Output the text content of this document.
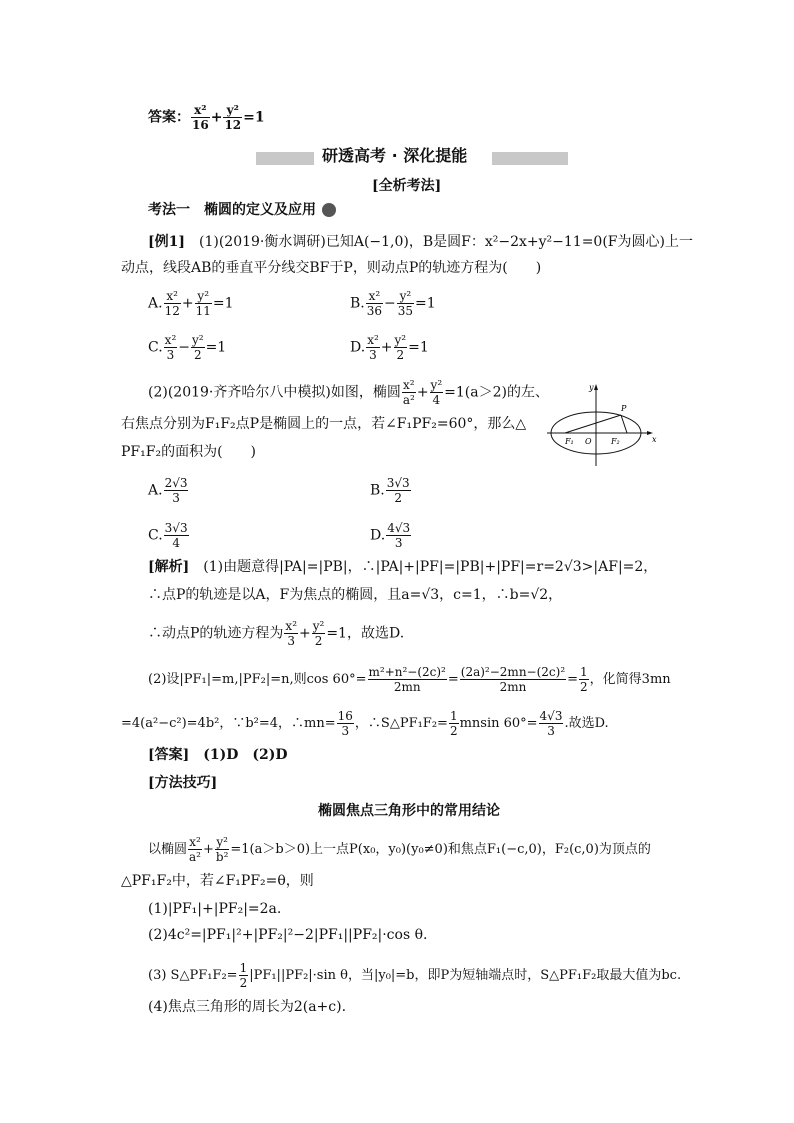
答案： $\frac{\text{x²}}{16} + \frac{\text{y²}}{12} =1$
研透高考 · 深化提能
[全析考法]
考法一　椭圆的定义及应用
[例1]　 (1)(2019·衡水调研)已知A(−1,0)，B是圆F：x²−2x+y²−11=0(F为圆心)上一
动点，线段AB的垂直平分线交BF于P，则动点P的轨迹方程为(　　)
A. $\frac{\text{x²}}{12} + \frac{\text{y²}}{11} =1$	B. $\frac{\text{x²}}{36} - \frac{\text{y²}}{35} =1$
C. $\frac{\text{x²}}{3} - \frac{\text{y²}}{2} =1$	D. $\frac{\text{x²}}{3} + \frac{\text{y²}}{2} =1$
(2)(2019·齐齐哈尔八中模拟)如图，椭圆 $\frac{\text{x²}}{\text{a²}} + \frac{\text{y²}}{4} =1(a>2)$的左、
右焦点分别为F₁F₂点P是椭圆上的一点，若∠F₁PF₂=60°，那么△
PF₁F₂的面积为(　　)
y
x
P
F₁ O F₂
A. $\frac{2√3}{3}$	B. $\frac{3√3}{2}$
C. $\frac{3√3}{4}$	D. $\frac{4√3}{3}$
[解析]　 (1)由题意得|PA|=|PB|，∴|PA|+|PF|=|PB|+|PF|=r=2√3>|AF|=2，
∴点P的轨迹是以A，F为焦点的椭圆，且a=√3，c=1，∴b=√2，
∴动点P的轨迹方程为 $\frac{\text{x²}}{3} + \frac{\text{y²}}{2} =1$，故选D.
(2)设|PF₁|=m,|PF₂|=n,则$\cos 60^\circ= \frac{\text{m²+n²−(2c)²}}{2mn} = \frac{\text{(2a)²−2mn−(2c)²}}{2mn} = \frac{1}{2}$ ，化简得3mn
=4(a²−c²)=4b²，∵b²=4，∴mn= $\frac{16}{3}$ ，∴S△PF₁F₂= $\frac{1}{2}$ mnsin $60^\circ= \frac{4√3}{3}$ .故选D.
[答案]　(1)D　(2)D
[方法技巧]
椭圆焦点三角形中的常用结论
以椭圆 $\frac{\text{x²}}{\text{a²}} + \frac{\text{y²}}{\text{b²}} =1(a>b>0)$上一点P(x₀，y₀)(y₀≠0)和焦点F₁(−c,0)，F₂(c,0)为顶点的
△PF₁F₂中，若∠F₁PF₂=θ，则
(1)|PF₁|+|PF₂|=2a.
(2)4c²=|PF₁|²+|PF₂|²−2|PF₁||PF₂|·cos θ.
(3) S△PF₁F₂= $\frac{1}{2} |PF_1||PF_2|\cdot\sin$ θ，当|y₀|=b，即P为短轴端点时，S△PF₁F₂取最大值为bc.
(4)焦点三角形的周长为2(a+c).
